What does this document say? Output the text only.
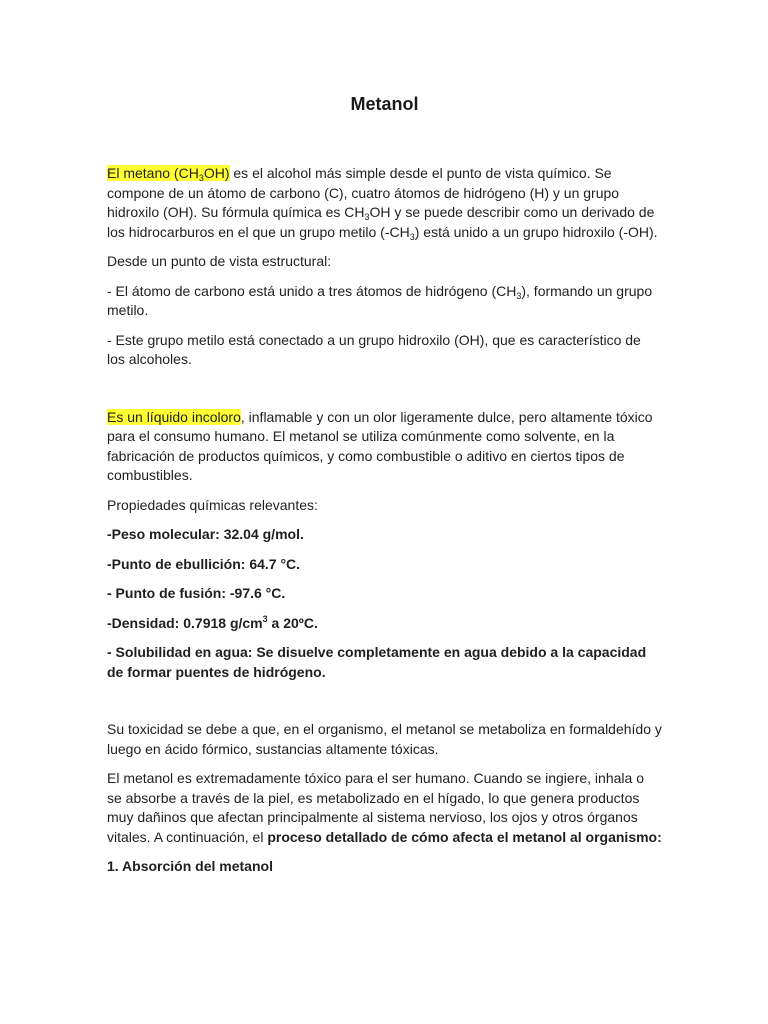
Metanol

El metano $(CH_3OH)$ es el alcohol más simple desde el punto de vista químico. Se compone de un átomo de carbono (C), cuatro átomos de hidrógeno (H) y un grupo hidroxilo (OH). Su fórmula química es $CH_3OH$ y se puede describir como un derivado de los hidrocarburos en el que un grupo metilo $(-CH_3)$ está unido a un grupo hidroxilo (-OH).

Desde un punto de vista estructural:

- El átomo de carbono está unido a tres átomos de hidrógeno $(CH_3)$, formando un grupo metilo.

- Este grupo metilo está conectado a un grupo hidroxilo (OH), que es característico de los alcoholes.

Es un líquido incoloro, inflamable y con un olor ligeramente dulce, pero altamente tóxico para el consumo humano. El metanol se utiliza comúnmente como solvente, en la fabricación de productos químicos, y como combustible o aditivo en ciertos tipos de combustibles.

Propiedades químicas relevantes:

-Peso molecular: 32.04 g/mol.

-Punto de ebullición: 64.7 °C.

- Punto de fusión: -97.6 °C.

-Densidad: 0.7918 $g/cm^3$ a 20ºC.

- Solubilidad en agua: Se disuelve completamente en agua debido a la capacidad de formar puentes de hidrógeno.

Su toxicidad se debe a que, en el organismo, el metanol se metaboliza en formaldehído y luego en ácido fórmico, sustancias altamente tóxicas.

El metanol es extremadamente tóxico para el ser humano. Cuando se ingiere, inhala o se absorbe a través de la piel, es metabolizado en el hígado, lo que genera productos muy dañinos que afectan principalmente al sistema nervioso, los ojos y otros órganos vitales. A continuación, el proceso detallado de cómo afecta el metanol al organismo:

1. Absorción del metanol
